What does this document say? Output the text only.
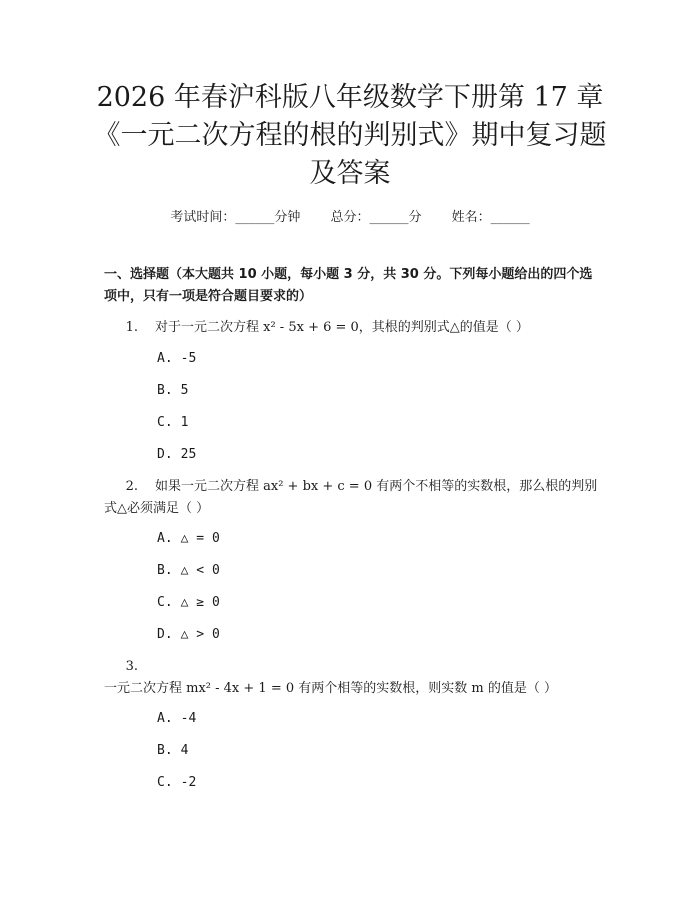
2026 年春沪科版八年级数学下册第 17 章
《一元二次方程的根的判别式》期中复习题
及答案
考试时间：______分钟 总分：______分 姓名：______
一、选择题（本大题共 10 小题，每小题 3 分，共 30 分。下列每小题给出的四个选项中，只有一项是符合题目要求的）
1. 对于一元二次方程 x² - 5x + 6 = 0，其根的判别式△的值是（ ）
A. -5
B. 5
C. 1
D. 25
2. 如果一元二次方程 ax² + bx + c = 0 有两个不相等的实数根，那么根的判别式△必须满足（ ）
A. △ = 0
B. △ < 0
C. △ ≥ 0
D. △ > 0
3.一元二次方程 mx² - 4x + 1 = 0 有两个相等的实数根，则实数 m 的值是（ ）
A. -4
B. 4
C. -2
